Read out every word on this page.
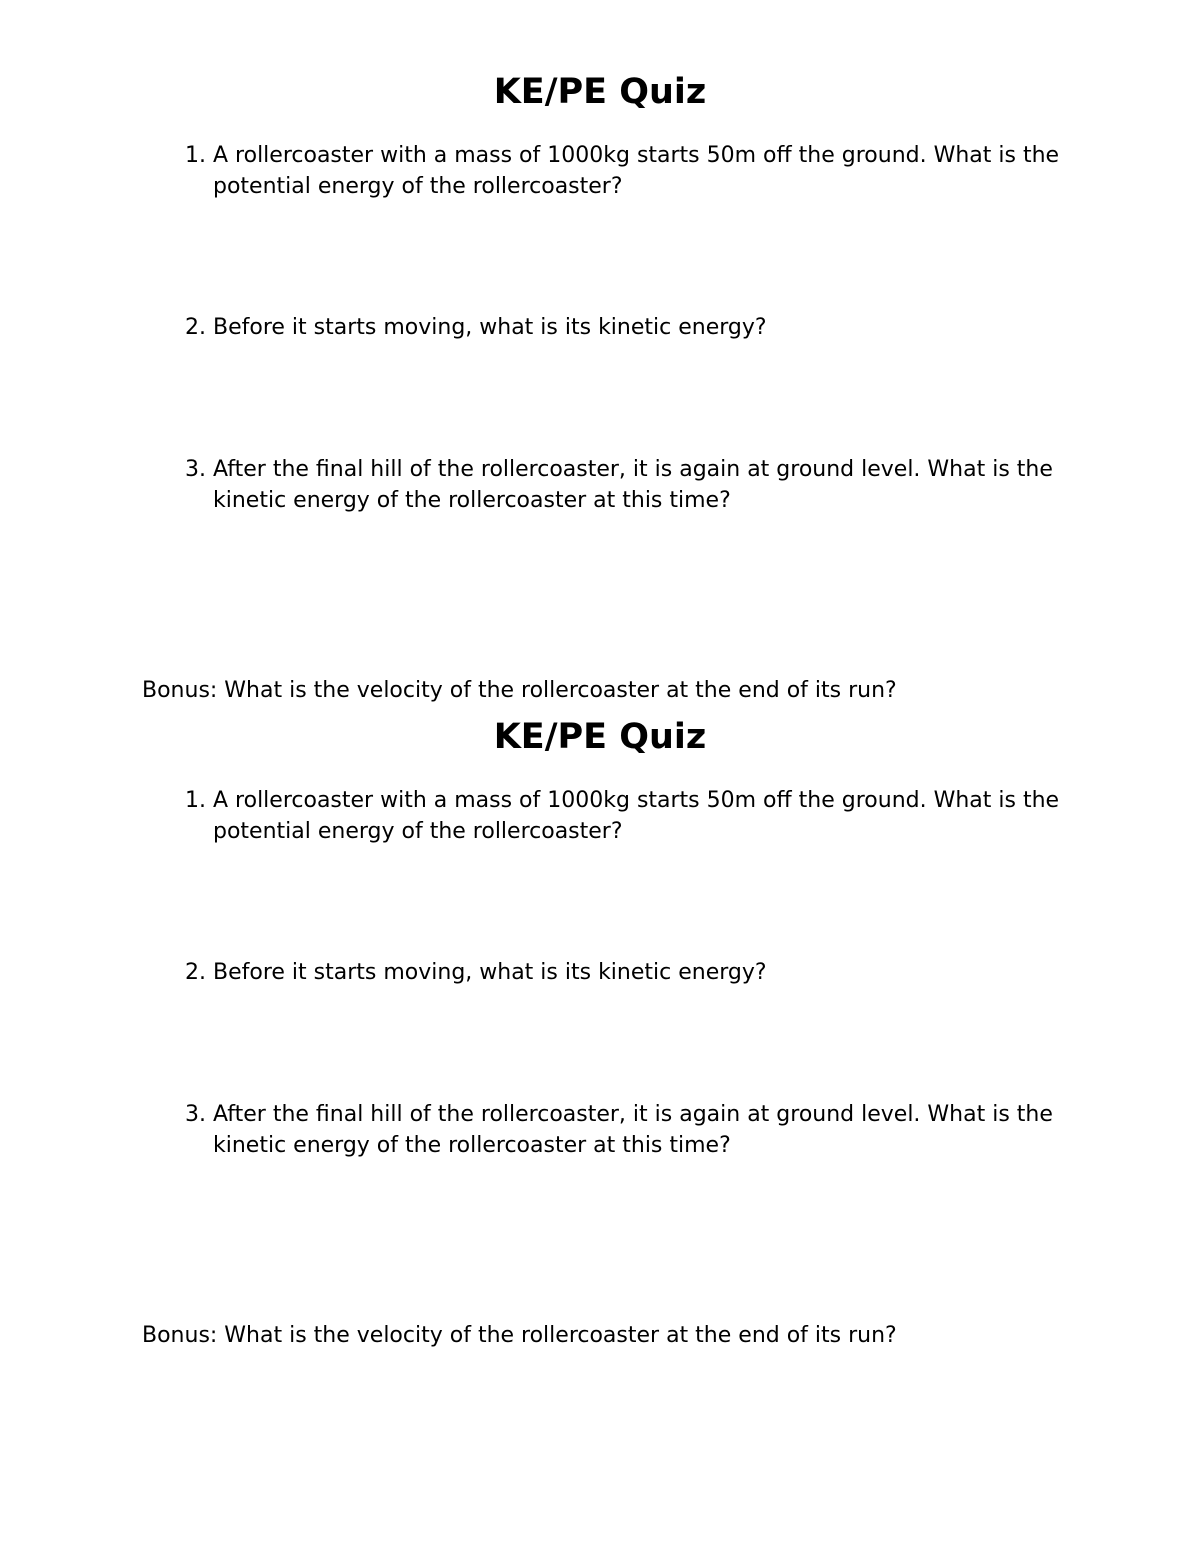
KE/PE Quiz
1. A rollercoaster with a mass of 1000kg starts 50m off the ground. What is the potential energy of the rollercoaster?
2. Before it starts moving, what is its kinetic energy?
3. After the final hill of the rollercoaster, it is again at ground level. What is the kinetic energy of the rollercoaster at this time?
Bonus: What is the velocity of the rollercoaster at the end of its run?
KE/PE Quiz
1. A rollercoaster with a mass of 1000kg starts 50m off the ground. What is the potential energy of the rollercoaster?
2. Before it starts moving, what is its kinetic energy?
3. After the final hill of the rollercoaster, it is again at ground level. What is the kinetic energy of the rollercoaster at this time?
Bonus: What is the velocity of the rollercoaster at the end of its run?
